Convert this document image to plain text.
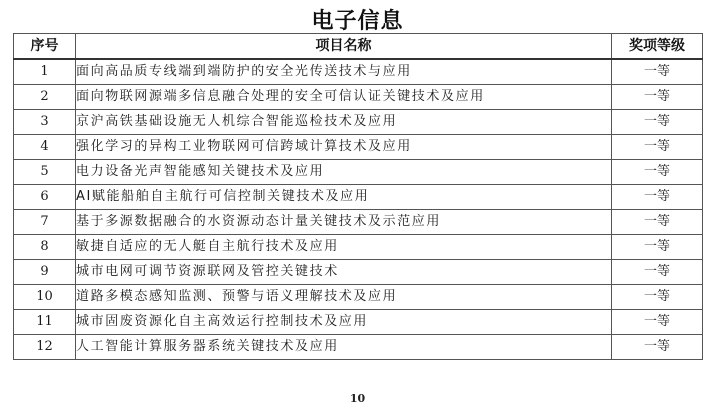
电子信息
序号	项目名称	奖项等级
1	面向高品质专线端到端防护的安全光传送技术与应用	一等
2	面向物联网源端多信息融合处理的安全可信认证关键技术及应用	一等
3	京沪高铁基础设施无人机综合智能巡检技术及应用	一等
4	强化学习的异构工业物联网可信跨域计算技术及应用	一等
5	电力设备光声智能感知关键技术及应用	一等
6	AI赋能船舶自主航行可信控制关键技术及应用	一等
7	基于多源数据融合的水资源动态计量关键技术及示范应用	一等
8	敏捷自适应的无人艇自主航行技术及应用	一等
9	城市电网可调节资源联网及管控关键技术	一等
10	道路多模态感知监测、预警与语义理解技术及应用	一等
11	城市固废资源化自主高效运行控制技术及应用	一等
12	人工智能计算服务器系统关键技术及应用	一等
10
